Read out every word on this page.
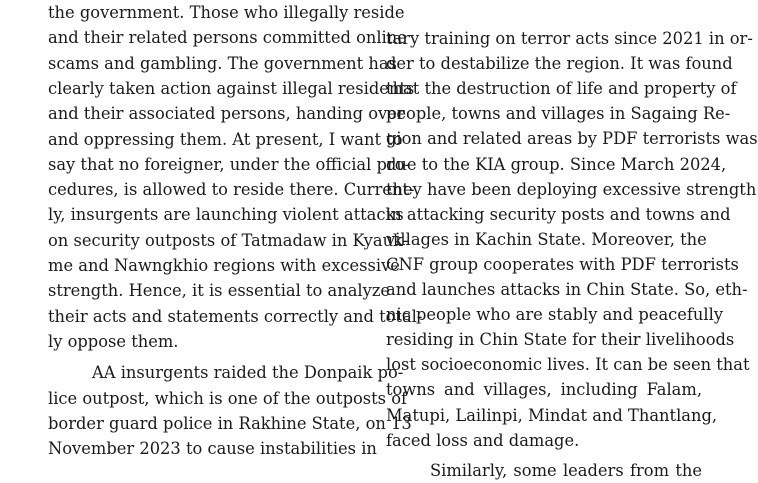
the government. Those who illegally reside
and their related persons committed online
scams and gambling. The government has
clearly taken action against illegal residents
and their associated persons, handing over
and oppressing them. At present, I want to
say that no foreigner, under the official pro-
cedures, is allowed to reside there. Current-
ly, insurgents are launching violent attacks
on security outposts of Tatmadaw in Kyauk-
me and Nawngkhio regions with excessive
strength. Hence, it is essential to analyze
their acts and statements correctly and total-
ly oppose them.
AA insurgents raided the Donpaik po-
lice outpost, which is one of the outposts of
border guard police in Rakhine State, on 13
November 2023 to cause instabilities in
tary training on terror acts since 2021 in or-
der to destabilize the region. It was found
that the destruction of life and property of
people, towns and villages in Sagaing Re-
gion and related areas by PDF terrorists was
due to the KIA group. Since March 2024,
they have been deploying excessive strength
in attacking security posts and towns and
villages in Kachin State. Moreover, the
CNF group cooperates with PDF terrorists
and launches attacks in Chin State. So, eth-
nic people who are stably and peacefully
residing in Chin State for their livelihoods
lost socioeconomic lives. It can be seen that
towns and villages, including Falam,
Matupi, Lailinpi, Mindat and Thantlang,
faced loss and damage.
Similarly, some leaders from the
